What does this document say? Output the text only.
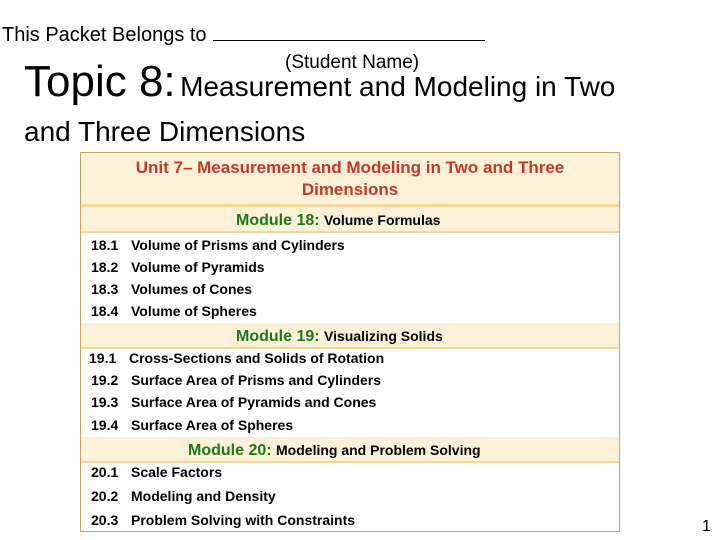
This Packet Belongs to
(Student Name)
Topic 8: Measurement and Modeling in Two
and Three Dimensions
Unit 7– Measurement and Modeling in Two and Three
Dimensions
Module 18: Volume Formulas
18.1 Volume of Prisms and Cylinders
18.2 Volume of Pyramids
18.3 Volumes of Cones
18.4 Volume of Spheres
Module 19: Visualizing Solids
19.1 Cross-Sections and Solids of Rotation
19.2 Surface Area of Prisms and Cylinders
19.3 Surface Area of Pyramids and Cones
19.4 Surface Area of Spheres
Module 20: Modeling and Problem Solving
20.1 Scale Factors
20.2 Modeling and Density
20.3 Problem Solving with Constraints	1
